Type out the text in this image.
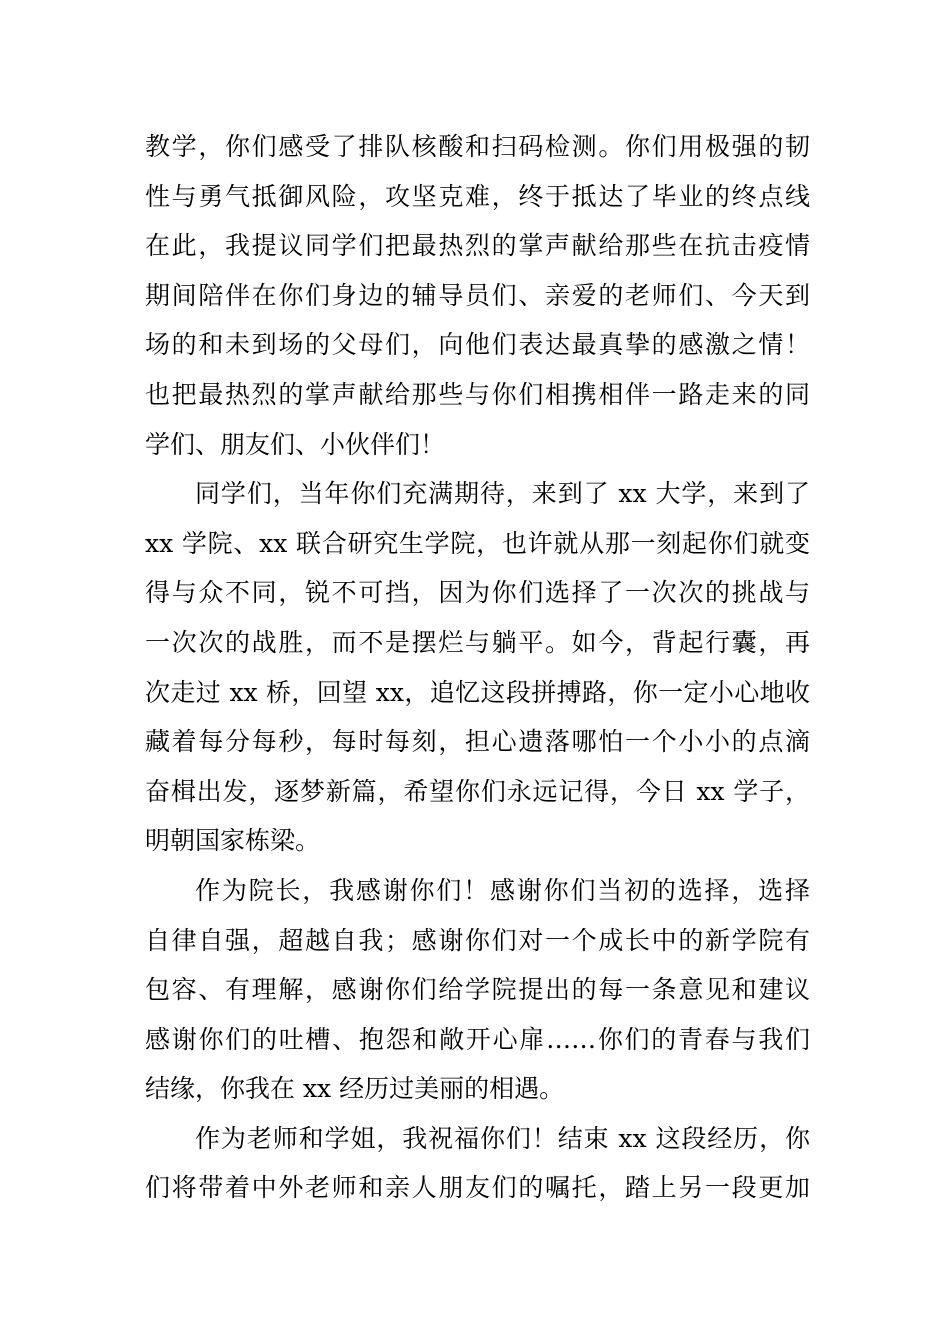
教学，你们感受了排队核酸和扫码检测。你们用极强的韧
性与勇气抵御风险，攻坚克难，终于抵达了毕业的终点线
在此，我提议同学们把最热烈的掌声献给那些在抗击疫情
期间陪伴在你们身边的辅导员们、亲爱的老师们、今天到
场的和未到场的父母们，向他们表达最真挚的感激之情！
也把最热烈的掌声献给那些与你们相携相伴一路走来的同
学们、朋友们、小伙伴们！
同学们，当年你们充满期待，来到了 xx 大学，来到了
xx 学院、xx 联合研究生学院，也许就从那一刻起你们就变
得与众不同，锐不可挡，因为你们选择了一次次的挑战与
一次次的战胜，而不是摆烂与躺平。如今，背起行囊，再
次走过 xx 桥，回望 xx，追忆这段拼搏路，你一定小心地收
藏着每分每秒，每时每刻，担心遗落哪怕一个小小的点滴
奋楫出发，逐梦新篇，希望你们永远记得，今日 xx 学子，
明朝国家栋梁。
作为院长，我感谢你们！感谢你们当初的选择，选择
自律自强，超越自我；感谢你们对一个成长中的新学院有
包容、有理解，感谢你们给学院提出的每一条意见和建议
感谢你们的吐槽、抱怨和敞开心扉……你们的青春与我们
结缘，你我在 xx 经历过美丽的相遇。
作为老师和学姐，我祝福你们！结束 xx 这段经历，你
们将带着中外老师和亲人朋友们的嘱托，踏上另一段更加
